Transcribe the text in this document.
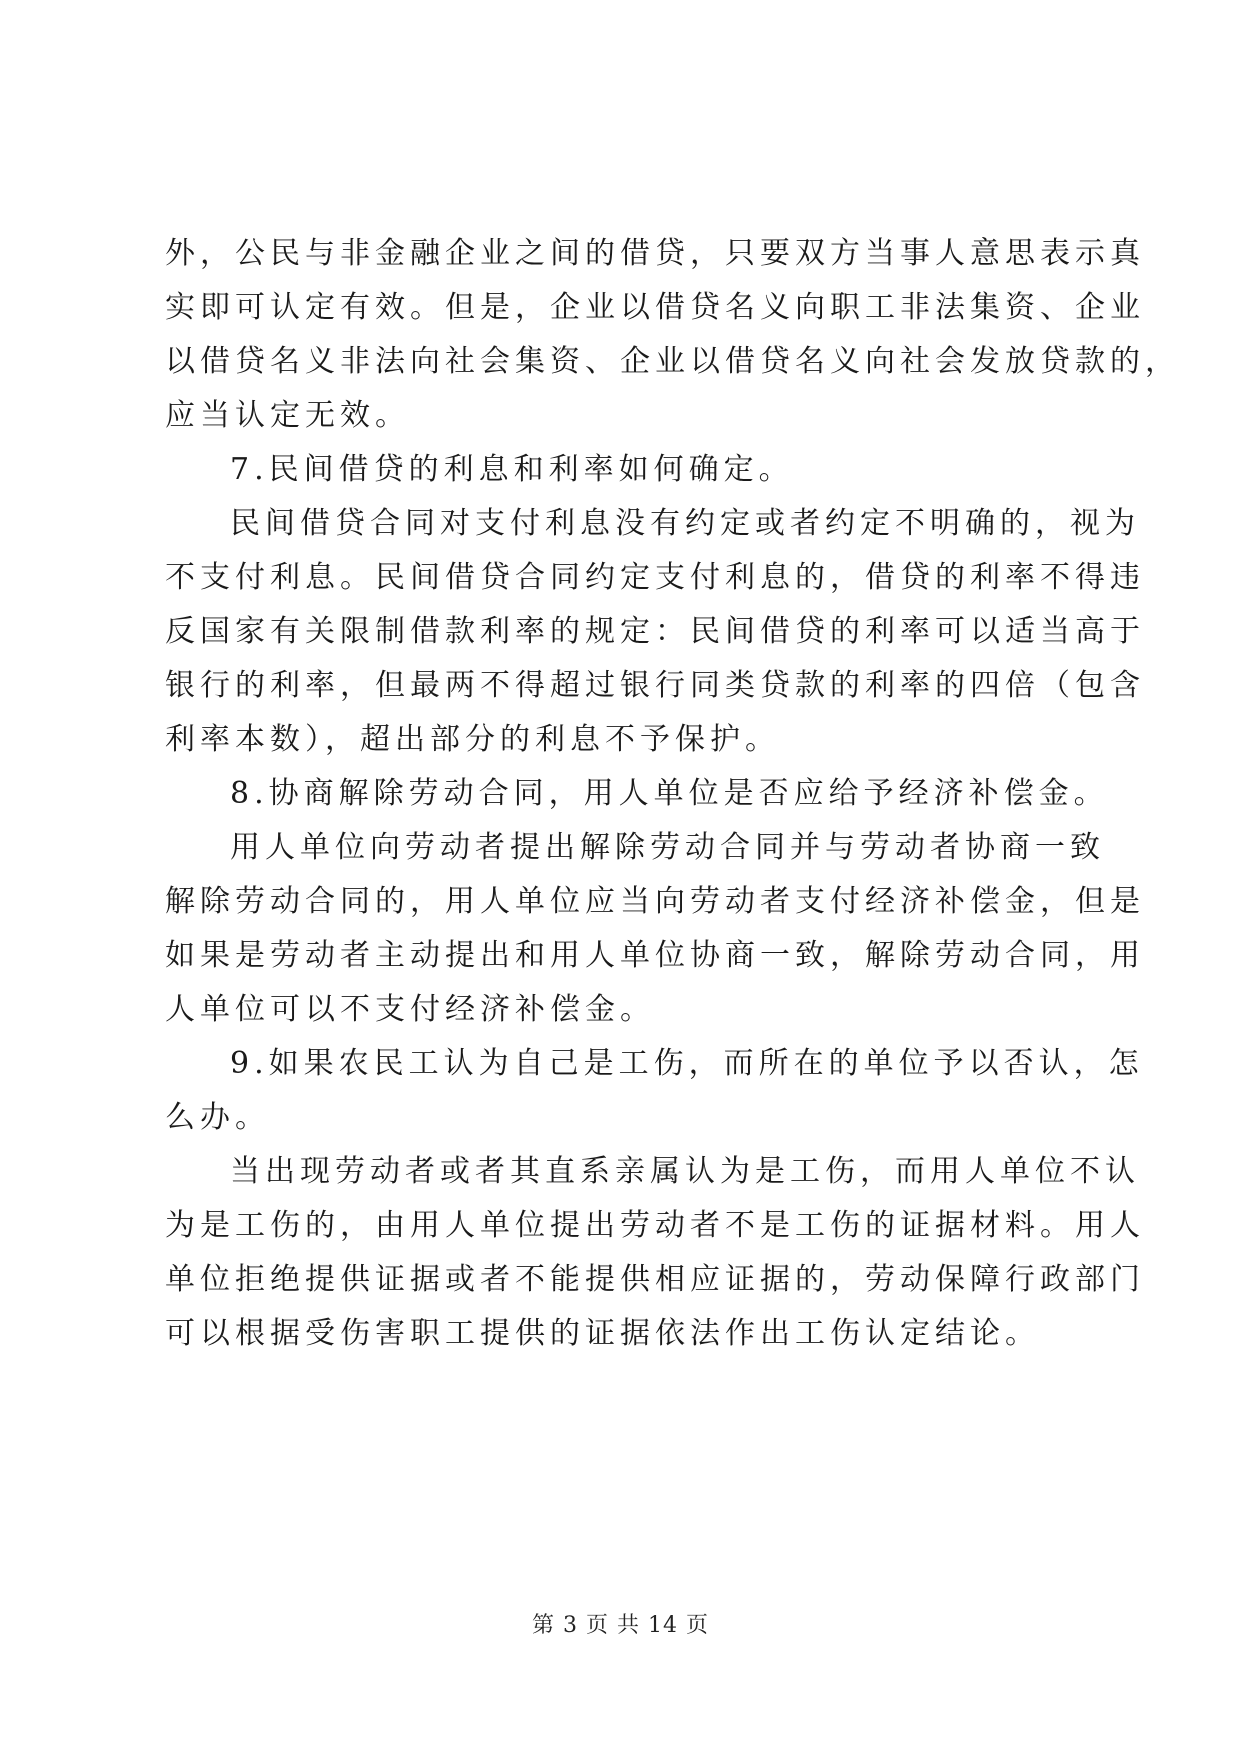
外，公民与非金融企业之间的借贷，只要双方当事人意思表示真
实即可认定有效。但是，企业以借贷名义向职工非法集资、企业
以借贷名义非法向社会集资、企业以借贷名义向社会发放贷款的，
应当认定无效。
7.民间借贷的利息和利率如何确定。
民间借贷合同对支付利息没有约定或者约定不明确的，视为
不支付利息。民间借贷合同约定支付利息的，借贷的利率不得违
反国家有关限制借款利率的规定：民间借贷的利率可以适当高于
银行的利率，但最两不得超过银行同类贷款的利率的四倍（包含
利率本数），超出部分的利息不予保护。
8.协商解除劳动合同，用人单位是否应给予经济补偿金。
用人单位向劳动者提出解除劳动合同并与劳动者协商一致
解除劳动合同的，用人单位应当向劳动者支付经济补偿金，但是
如果是劳动者主动提出和用人单位协商一致，解除劳动合同，用
人单位可以不支付经济补偿金。
9.如果农民工认为自己是工伤，而所在的单位予以否认，怎
么办。
当出现劳动者或者其直系亲属认为是工伤，而用人单位不认
为是工伤的，由用人单位提出劳动者不是工伤的证据材料。用人
单位拒绝提供证据或者不能提供相应证据的，劳动保障行政部门
可以根据受伤害职工提供的证据依法作出工伤认定结论。
第 3 页 共 14 页
